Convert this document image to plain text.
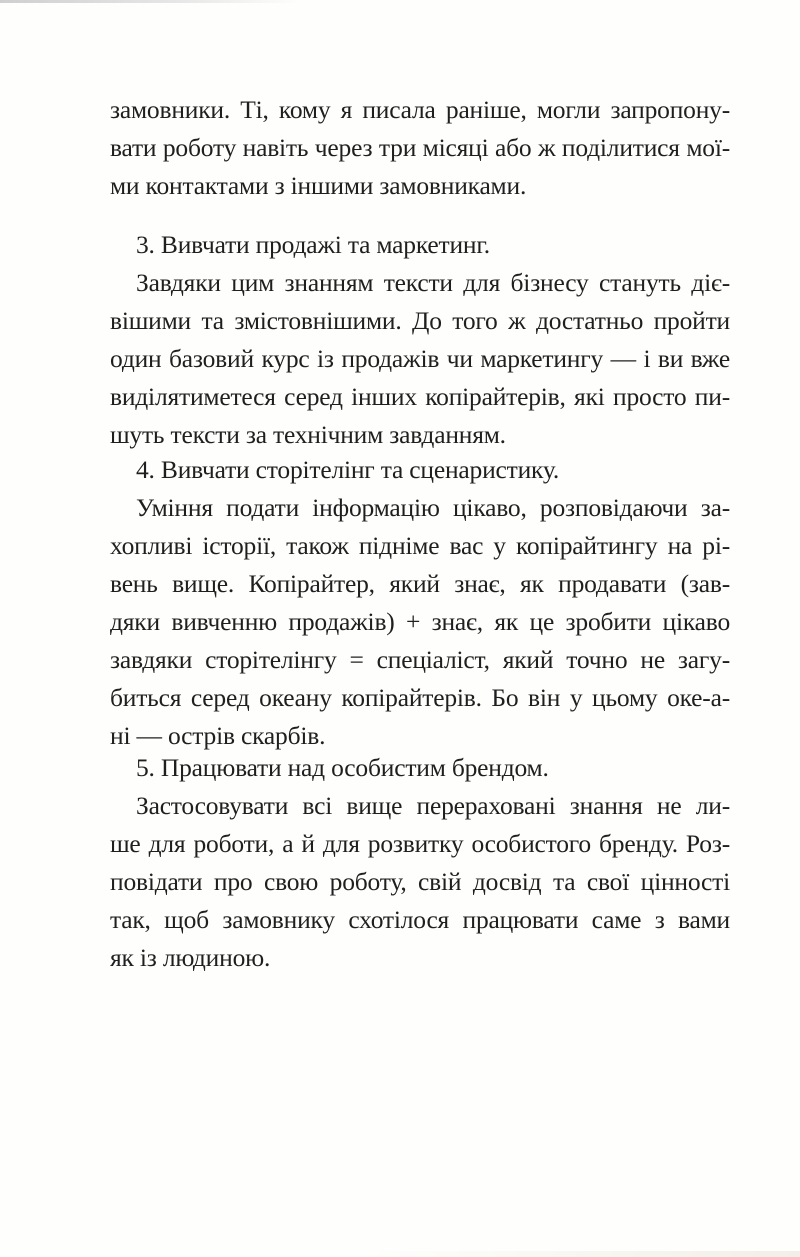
замовники. Ті, кому я писала раніше, могли запропону-
вати роботу навіть через три місяці або ж поділитися мої-
ми контактами з іншими замовниками.
3. Вивчати продажі та маркетинг.
Завдяки цим знанням тексти для бізнесу стануть діє-
вішими та змістовнішими. До того ж достатньо пройти
один базовий курс із продажів чи маркетингу — і ви вже
виділятиметеся серед інших копірайтерів, які просто пи-
шуть тексти за технічним завданням.
4. Вивчати сторітелінг та сценаристику.
Уміння подати інформацію цікаво, розповідаючи за-
хопливі історії, також підніме вас у копірайтингу на рі-
вень вище. Копірайтер, який знає, як продавати (зав-
дяки вивченню продажів) + знає, як це зробити цікаво
завдяки сторітелінгу = спеціаліст, який точно не загу-
биться серед океану копірайтерів. Бо він у цьому оке-а-
ні — острів скарбів.
5. Працювати над особистим брендом.
Застосовувати всі вище перераховані знання не ли-
ше для роботи, а й для розвитку особистого бренду. Роз-
повідати про свою роботу, свій досвід та свої цінності
так, щоб замовнику схотілося працювати саме з вами
як із людиною.
